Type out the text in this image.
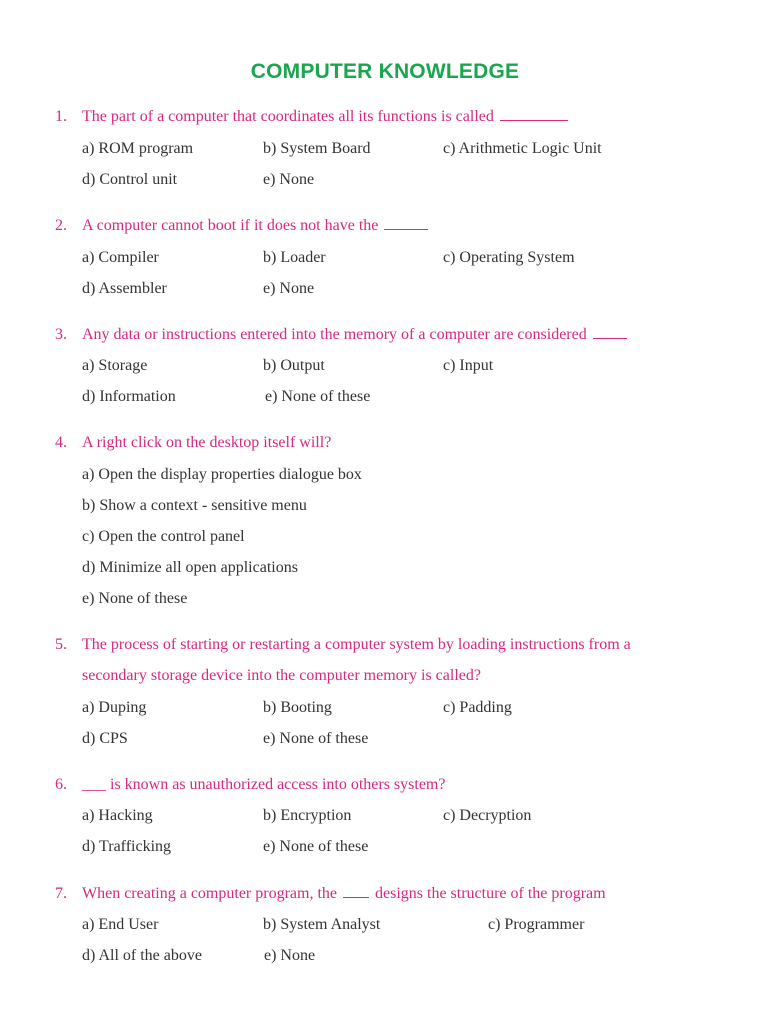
COMPUTER KNOWLEDGE
1. The part of a computer that coordinates all its functions is called
a) ROM program	b) System Board	c) Arithmetic Logic Unit
d) Control unit	e) None
2. A computer cannot boot if it does not have the
a) Compiler	b) Loader	c) Operating System
d) Assembler	e) None
3. Any data or instructions entered into the memory of a computer are considered
a) Storage	b) Output	c) Input
d) Information	e) None of these
4. A right click on the desktop itself will?
a) Open the display properties dialogue box
b) Show a context - sensitive menu
c) Open the control panel
d) Minimize all open applications
e) None of these
5. The process of starting or restarting a computer system by loading instructions from a
secondary storage device into the computer memory is called?
a) Duping	b) Booting	c) Padding
d) CPS	e) None of these
6. ___ is known as unauthorized access into others system?
a) Hacking	b) Encryption	c) Decryption
d) Trafficking	e) None of these
7. When creating a computer program, the designs the structure of the program
a) End User	b) System Analyst	c) Programmer
d) All of the above	e) None
